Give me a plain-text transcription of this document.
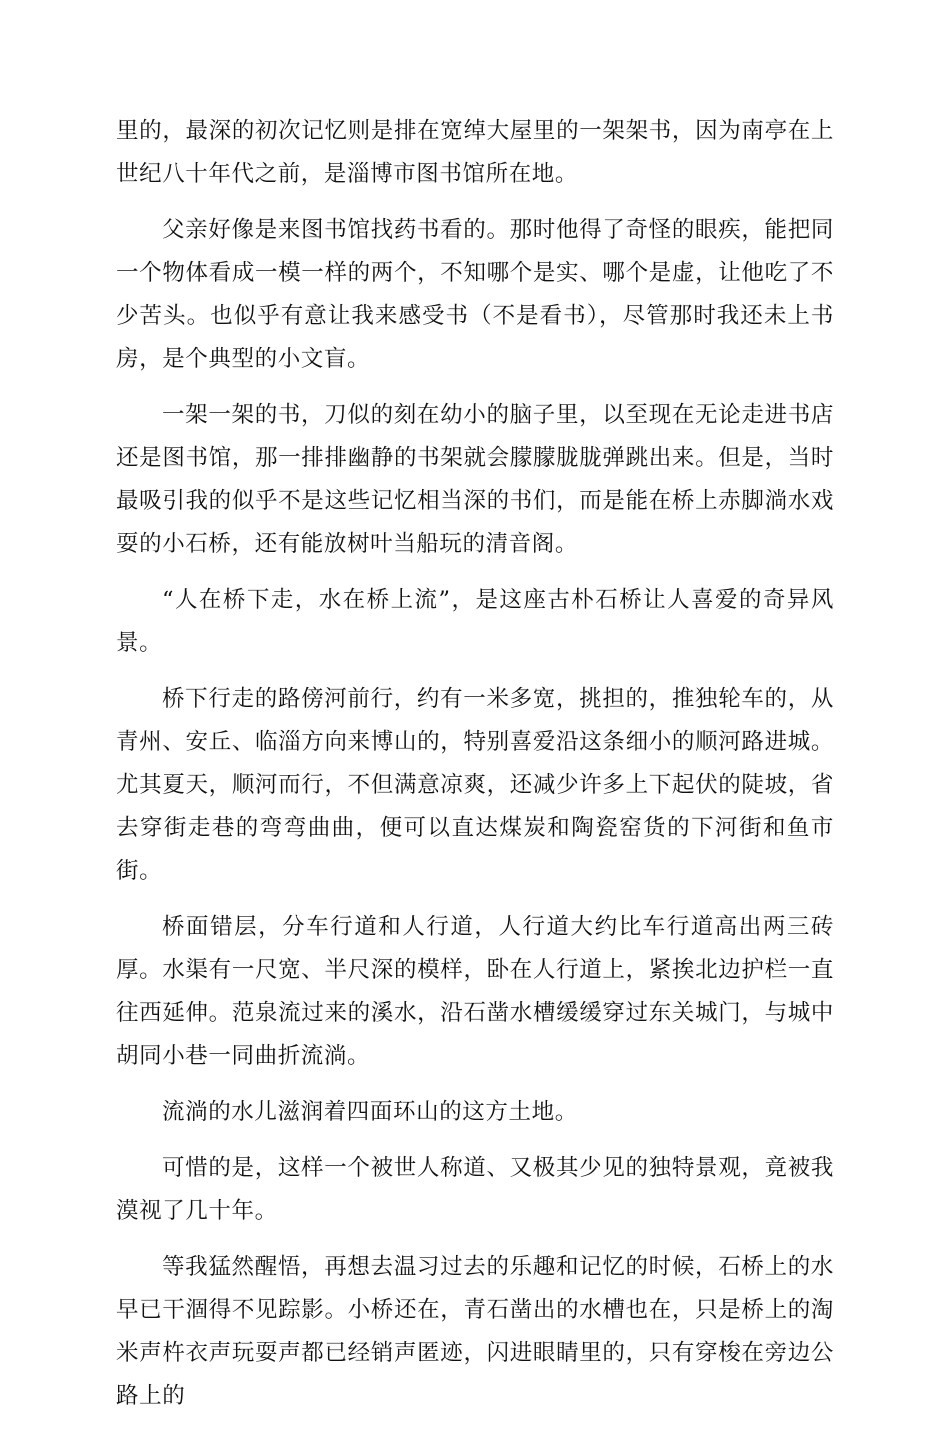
里的，最深的初次记忆则是排在宽绰大屋里的一架架书，因为南亭在上世纪八十年代之前，是淄博市图书馆所在地。

父亲好像是来图书馆找药书看的。那时他得了奇怪的眼疾，能把同一个物体看成一模一样的两个，不知哪个是实、哪个是虚，让他吃了不少苦头。也似乎有意让我来感受书（不是看书），尽管那时我还未上书房，是个典型的小文盲。

一架一架的书，刀似的刻在幼小的脑子里，以至现在无论走进书店还是图书馆，那一排排幽静的书架就会朦朦胧胧弹跳出来。但是，当时最吸引我的似乎不是这些记忆相当深的书们，而是能在桥上赤脚淌水戏耍的小石桥，还有能放树叶当船玩的清音阁。

“人在桥下走，水在桥上流”，是这座古朴石桥让人喜爱的奇异风景。

桥下行走的路傍河前行，约有一米多宽，挑担的，推独轮车的，从青州、安丘、临淄方向来博山的，特别喜爱沿这条细小的顺河路进城。尤其夏天，顺河而行，不但满意凉爽，还减少许多上下起伏的陡坡，省去穿街走巷的弯弯曲曲，便可以直达煤炭和陶瓷窑货的下河街和鱼市街。

桥面错层，分车行道和人行道，人行道大约比车行道高出两三砖厚。水渠有一尺宽、半尺深的模样，卧在人行道上，紧挨北边护栏一直往西延伸。范泉流过来的溪水，沿石凿水槽缓缓穿过东关城门，与城中胡同小巷一同曲折流淌。

流淌的水儿滋润着四面环山的这方土地。

可惜的是，这样一个被世人称道、又极其少见的独特景观，竟被我漠视了几十年。

等我猛然醒悟，再想去温习过去的乐趣和记忆的时候，石桥上的水早已干涸得不见踪影。小桥还在，青石凿出的水槽也在，只是桥上的淘米声杵衣声玩耍声都已经销声匿迹，闪进眼睛里的，只有穿梭在旁边公路上的
